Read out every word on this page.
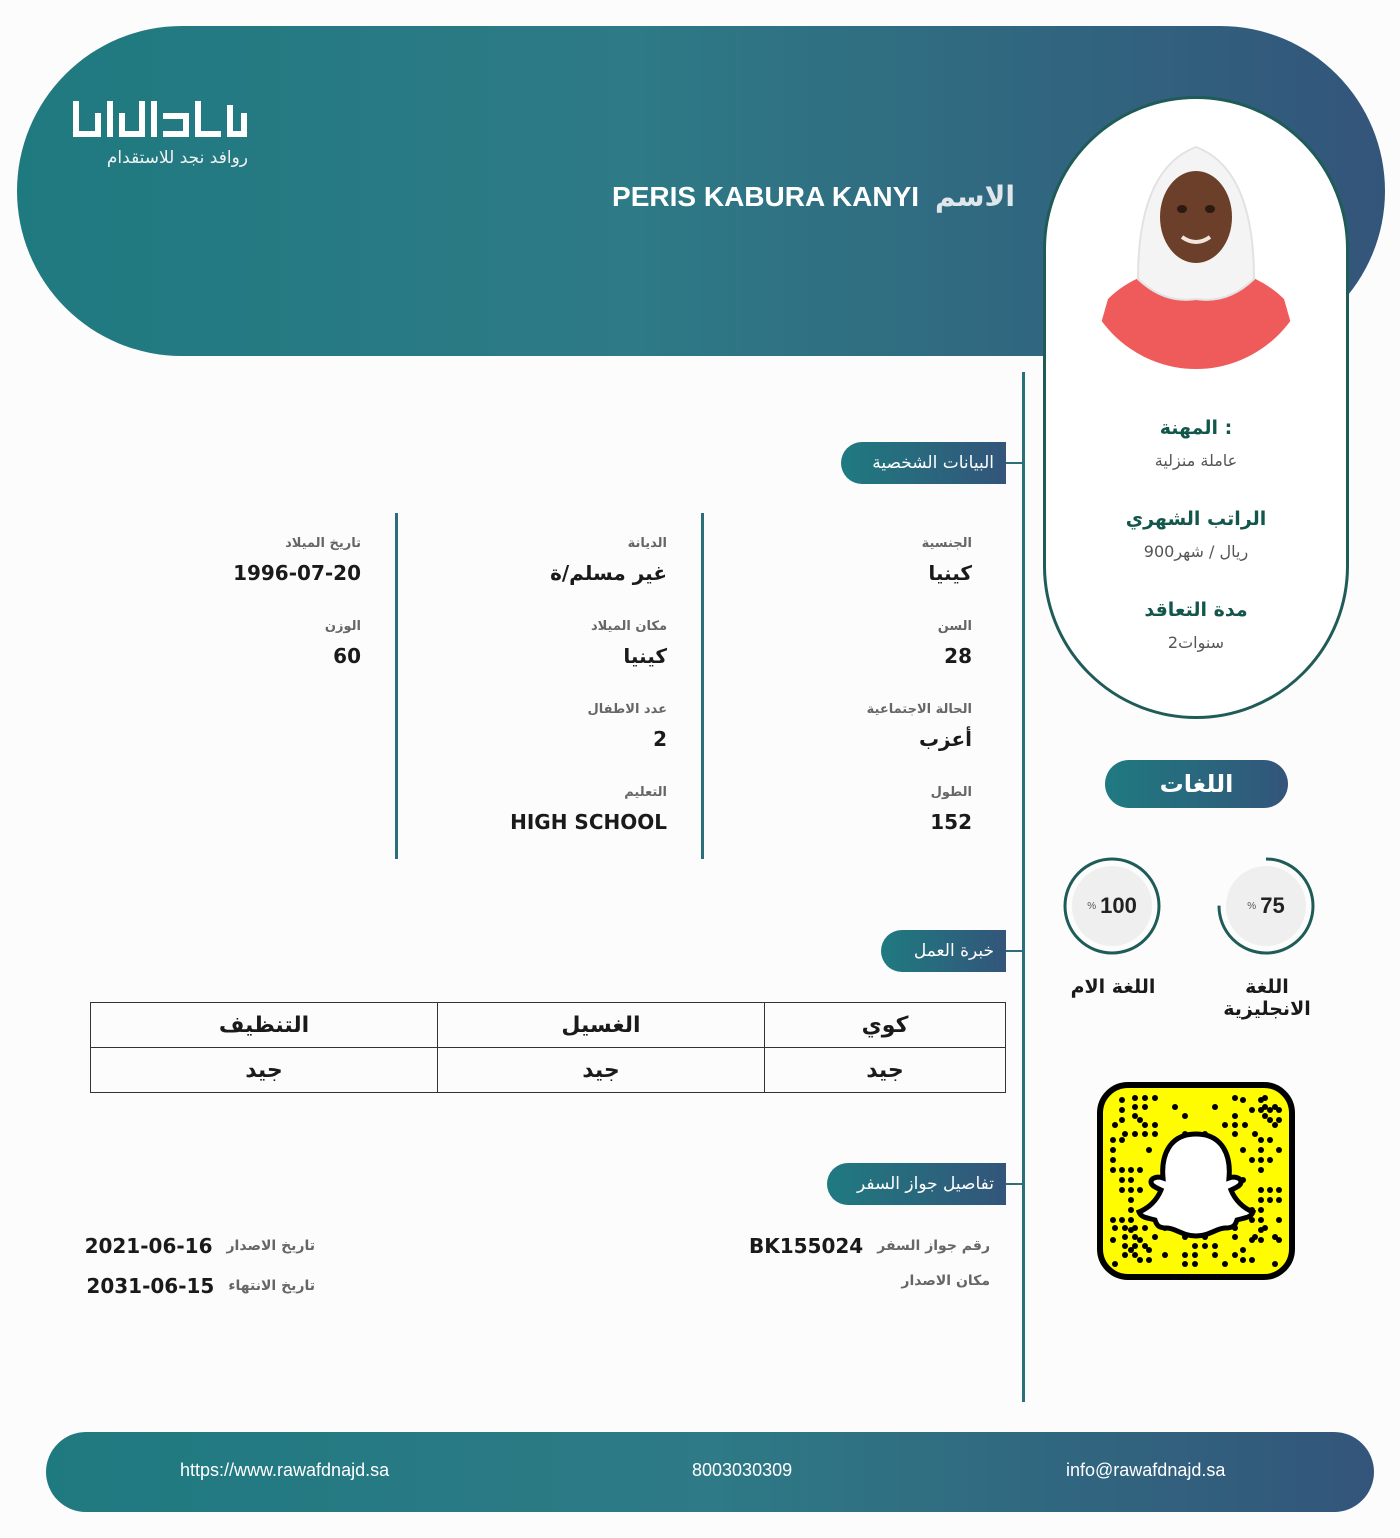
روافد نجد للاستقدام
PERIS KABURA KANYI الاسم
المهنة :
عاملة منزلية
الراتب الشهري
900ريال / شهر
مدة التعاقد
2سنوات
البيانات الشخصية
الجنسية
كينيا
السن
28
الحالة الاجتماعية
أعزب
الطول
152
الديانة
غير مسلم/ة
مكان الميلاد
كينيا
عدد الاطفال
2
التعليم
HIGH SCHOOL
تاريخ الميلاد
1996-07-20
الوزن
60
خبرة العمل
كوي	الغسيل	التنظيف
جيد	جيد	جيد
تفاصيل جواز السفر
رقم جواز السفر
BK155024
مكان الاصدار
تاريخ الاصدار
2021-06-16
تاريخ الانتهاء
2031-06-15
اللغات
% 75
اللغة الانجليزية
% 100
اللغة الام
https://www.rawafdnajd.sa	8003030309	info@rawafdnajd.sa
